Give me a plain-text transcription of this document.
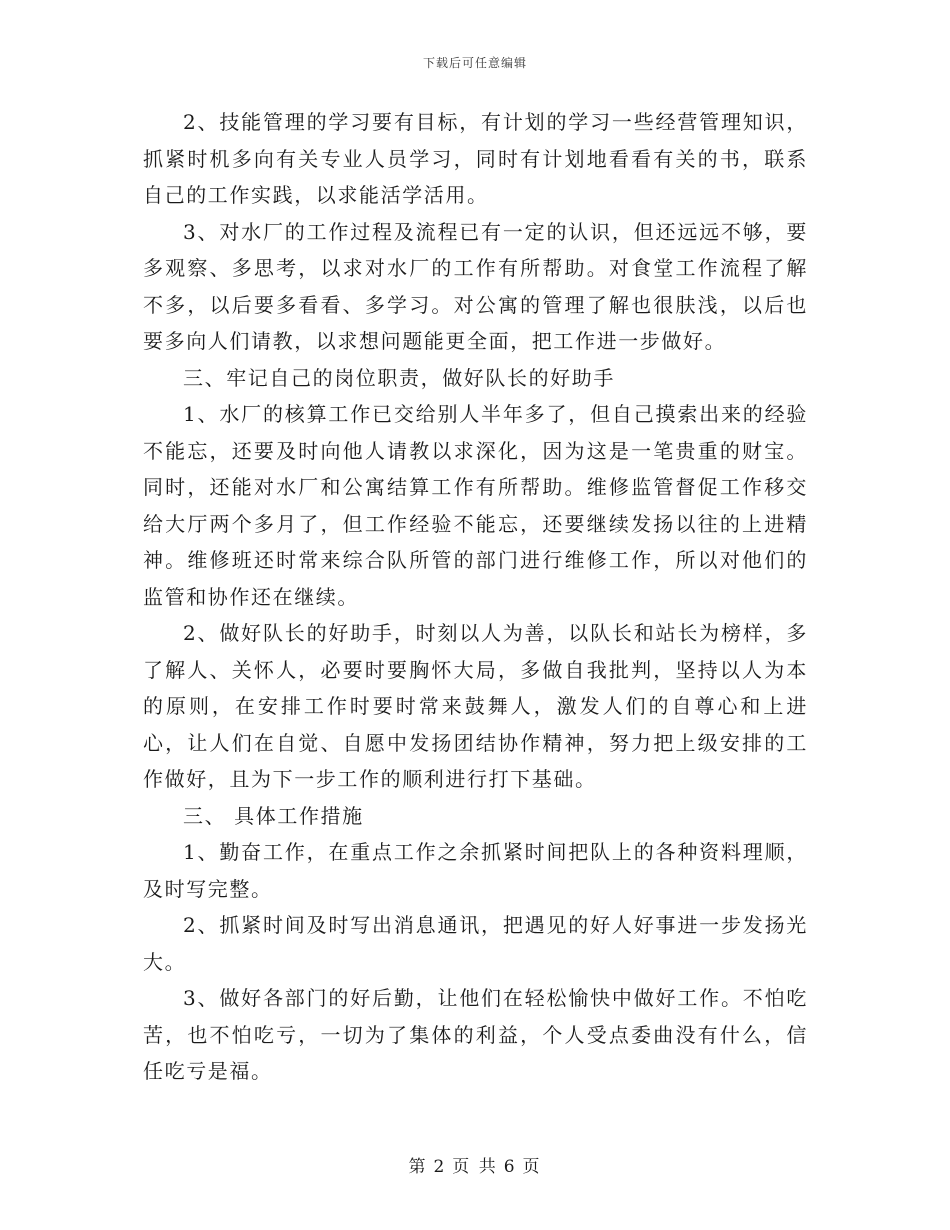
下载后可任意编辑

2、技能管理的学习要有目标，有计划的学习一些经营管理知识，抓紧时机多向有关专业人员学习，同时有计划地看看有关的书，联系自己的工作实践，以求能活学活用。

3、对水厂的工作过程及流程已有一定的认识，但还远远不够，要多观察、多思考，以求对水厂的工作有所帮助。对食堂工作流程了解不多，以后要多看看、多学习。对公寓的管理了解也很肤浅，以后也要多向人们请教，以求想问题能更全面，把工作进一步做好。

三、牢记自己的岗位职责，做好队长的好助手

1、水厂的核算工作已交给别人半年多了，但自己摸索出来的经验不能忘，还要及时向他人请教以求深化，因为这是一笔贵重的财宝。同时，还能对水厂和公寓结算工作有所帮助。维修监管督促工作移交给大厅两个多月了，但工作经验不能忘，还要继续发扬以往的上进精神。维修班还时常来综合队所管的部门进行维修工作，所以对他们的监管和协作还在继续。

2、做好队长的好助手，时刻以人为善，以队长和站长为榜样，多了解人、关怀人，必要时要胸怀大局，多做自我批判，坚持以人为本的原则，在安排工作时要时常来鼓舞人，激发人们的自尊心和上进心，让人们在自觉、自愿中发扬团结协作精神，努力把上级安排的工作做好，且为下一步工作的顺利进行打下基础。

三、 具体工作措施

1、勤奋工作，在重点工作之余抓紧时间把队上的各种资料理顺，及时写完整。

2、抓紧时间及时写出消息通讯，把遇见的好人好事进一步发扬光大。

3、做好各部门的好后勤，让他们在轻松愉快中做好工作。不怕吃苦，也不怕吃亏，一切为了集体的利益，个人受点委曲没有什么，信任吃亏是福。

第 2 页 共 6 页
